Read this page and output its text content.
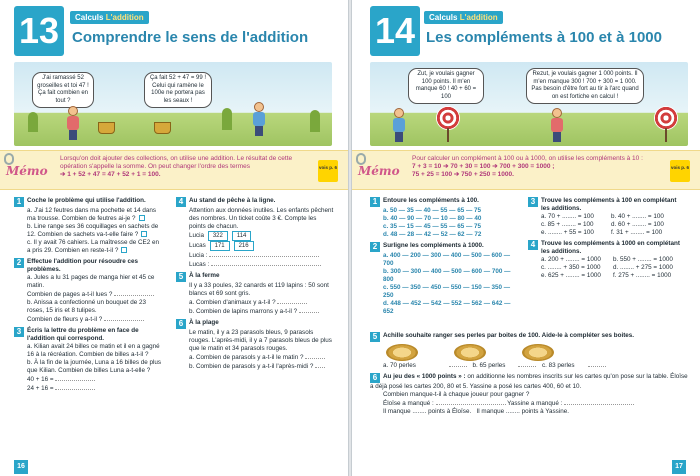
13	Calculs L'addition
Comprendre le sens de l'addition
J'ai ramassé 52 groseilles et toi 47 ! Ça fait combien en tout ?
Ça fait 52 + 47 = 99 ! Celui qui ramène le 100e ne portera pas les seaux !
Mémo
Lorsqu'on doit ajouter des collections, on utilise une addition. Le résultat de cette opération s'appelle la somme. On peut changer l'ordre des termes
➔ 1 + 52 + 47 = 47 + 52 + 1 = 100.
vois p. 6
1 Coche le problème qui utilise l'addition.
a. J'ai 12 feutres dans ma pochette et 14 dans ma trousse. Combien de feutres ai-je ?
b. Line range ses 36 coquillages en sachets de 12. Combien de sachets va-t-elle faire ?
c. Il y avait 76 cahiers. La maîtresse de CE2 en a pris 29. Combien en reste-t-il ?
2 Effectue l'addition pour résoudre ces problèmes.
a. Jules a lu 31 pages de manga hier et 45 ce matin.
Combien de pages a-t-il lues ?
b. Anissa a confectionné un bouquet de 23 roses, 15 iris et 8 tulipes.
Combien de fleurs y a-t-il ?
3 Écris la lettre du problème en face de l'addition qui correspond.
a. Kilian avait 24 billes ce matin et il en a gagné 16 à la récréation. Combien de billes a-t-il ?
b. À la fin de la journée, Luna a 16 billes de plus que Kilian. Combien de billes Luna a-t-elle ?
40 + 16 =
24 + 16 =
4 Au stand de pêche à la ligne.
Attention aux données inutiles. Les enfants pêchent des nombres. Un ticket coûte 3 €. Compte les points de chacun.
Lucia 322 114
Lucas 171 216
Lucia :
Lucas :
5 À la ferme
Il y a 33 poules, 32 canards et 119 lapins : 50 sont blancs et 69 sont gris.
a. Combien d'animaux y a-t-il ?
b. Combien de lapins marrons y a-t-il ?
6 À la plage
Le matin, il y a 23 parasols bleus, 9 parasols rouges. L'après-midi, il y a 7 parasols bleus de plus que le matin et 34 parasols rouges.
a. Combien de parasols y a-t-il le matin ?
b. Combien de parasols y a-t-il l'après-midi ?
16
14	Calculs L'addition
Les compléments à 100 et à 1000
Zut, je voulais gagner 100 points. Il m'en manque 60 ! 40 + 60 = 100
Rezut, je voulais gagner 1 000 points. Il m'en manque 300 ! 700 + 300 = 1 000. Pas besoin d'être fort au tir à l'arc quand on est fortiche en calcul !
Mémo
Pour calculer un complément à 100 ou à 1000, on utilise les compléments à 10 :
7 + 3 = 10 ➔ 70 + 30 = 100 ➔ 700 + 300 = 1000 ;
75 + 25 = 100 ➔ 750 + 250 = 1000.
vois p. 6
1 Entoure les compléments à 100.
a. 50 — 35 — 40 — 55 — 65 — 75
b. 40 — 90 — 70 — 10 — 80 — 40
c. 35 — 15 — 45 — 55 — 65 — 75
d. 48 — 28 — 42 — 52 — 62 — 72
2 Surligne les compléments à 1000.
a. 400 — 200 — 300 — 400 — 500 — 600 — 700
b. 300 — 300 — 400 — 500 — 600 — 700 — 800
c. 550 — 350 — 450 — 550 — 150 — 350 — 250
d. 448 — 452 — 542 — 552 — 562 — 642 — 652
3 Trouve les compléments à 100 en complétant les additions.
a. 70 + ........ = 100	b. 40 + ........ = 100
c. 85 + ........ = 100	d. 60 + ........ = 100
e. ........ + 55 = 100	f. 31 + ........ = 100
4 Trouve les compléments à 1000 en complétant les additions.
a. 200 + ........ = 1000 b. 550 + ........ = 1000
c. ........ + 350 = 1000 d. ........ + 275 = 1000
e. 625 + ........ = 1000 f. 275 + ........ = 1000
5 Achille souhaite ranger ses perles par boites de 100. Aide-le à compléter ses boites.
a. 70 perles	b. 65 perles	c. 83 perles
6 Au jeu des « 1000 points » : on additionne les nombres inscrits sur les cartes qu'on pose sur la table. Éloïse a déjà posé les cartes 200, 80 et 5. Yassine a posé les cartes 400, 60 et 10.
Combien manque-t-il à chaque joueur pour gagner ?
Éloïse a manqué :	Yassine a manqué :
Il manque ........ points à Éloïse. Il manque ........ points à Yassine.
17
